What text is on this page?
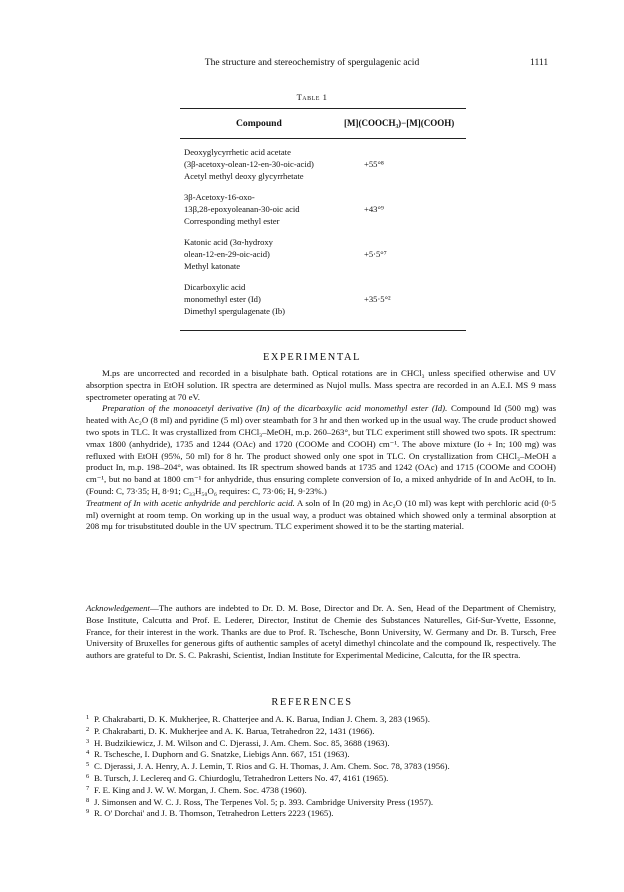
The structure and stereochemistry of spergulagenic acid	1111
Table 1
Compound	[M](COOCH₃)−[M](COOH)
Deoxyglycyrrhetic acid acetate
(3β-acetoxy-olean-12-en-30-oic-acid)
Acetyl methyl deoxy glycyrrhetate
+55°⁸
3β-Acetoxy-16-oxo-
13β,28-epoxyoleanan-30-oic acid
Corresponding methyl ester
+43°⁹
Katonic acid (3α-hydroxy
olean-12-en-29-oic-acid)
Methyl katonate
+5·5°⁷
Dicarboxylic acid
monomethyl ester (Id)
Dimethyl spergulagenate (Ib)
+35·5°²
EXPERIMENTAL

M.ps are uncorrected and recorded in a bisulphate bath. Optical rotations are in CHCl₃ unless specified otherwise and UV absorption spectra in EtOH solution. IR spectra are determined as Nujol mulls. Mass spectra are recorded in an A.E.I. MS 9 mass spectrometer operating at 70 eV.

Preparation of the monoacetyl derivative (In) of the dicarboxylic acid monomethyl ester (Id). Compound Id (500 mg) was heated with Ac₂O (8 ml) and pyridine (5 ml) over steambath for 3 hr and then worked up in the usual way. The crude product showed two spots in TLC. It was crystallized from CHCl₃–MeOH, m.p. 260–263°, but TLC experiment still showed two spots. IR spectrum: νmax 1800 (anhydride), 1735 and 1244 (OAc) and 1720 (COOMe and COOH) cm⁻¹. The above mixture (Io + In; 100 mg) was refluxed with EtOH (95%, 50 ml) for 8 hr. The product showed only one spot in TLC. On crystallization from CHCl₃–MeOH a product In, m.p. 198–204°, was obtained. Its IR spectrum showed bands at 1735 and 1242 (OAc) and 1715 (COOMe and COOH) cm⁻¹, but no band at 1800 cm⁻¹ for anhydride, thus ensuring complete conversion of Io, a mixed anhydride of In and AcOH, to In. (Found: C, 73·35; H, 8·91; C₃₃H₅₀O₆ requires: C, 73·06; H, 9·23%.)

Treatment of In with acetic anhydride and perchloric acid. A soln of In (20 mg) in Ac₂O (10 ml) was kept with perchloric acid (0·5 ml) overnight at room temp. On working up in the usual way, a product was obtained which showed only a terminal absorption at 208 mμ for trisubstituted double in the UV spectrum. TLC experiment showed it to be the starting material.

Acknowledgement—The authors are indebted to Dr. D. M. Bose, Director and Dr. A. Sen, Head of the Department of Chemistry, Bose Institute, Calcutta and Prof. E. Lederer, Director, Institut de Chemie des Substances Naturelles, Gif-Sur-Yvette, Essonne, France, for their interest in the work. Thanks are due to Prof. R. Tschesche, Bonn University, W. Germany and Dr. B. Tursch, Free University of Bruxelles for generous gifts of authentic samples of acetyl dimethyl chincolate and the compound Ik, respectively. The authors are grateful to Dr. S. C. Pakrashi, Scientist, Indian Institute for Experimental Medicine, Calcutta, for the IR spectra.

REFERENCES
1 P. Chakrabarti, D. K. Mukherjee, R. Chatterjee and A. K. Barua, Indian J. Chem. 3, 283 (1965).
2 P. Chakrabarti, D. K. Mukherjee and A. K. Barua, Tetrahedron 22, 1431 (1966).
3 H. Budzikiewicz, J. M. Wilson and C. Djerassi, J. Am. Chem. Soc. 85, 3688 (1963).
4 R. Tschesche, I. Duphorn and G. Snatzke, Liebigs Ann. 667, 151 (1963).
5 C. Djerassi, J. A. Henry, A. J. Lemin, T. Rios and G. H. Thomas, J. Am. Chem. Soc. 78, 3783 (1956).
6 B. Tursch, J. Leclereq and G. Chiurdoglu, Tetrahedron Letters No. 47, 4161 (1965).
7 F. E. King and J. W. W. Morgan, J. Chem. Soc. 4738 (1960).
8 J. Simonsen and W. C. J. Ross, The Terpenes Vol. 5; p. 393. Cambridge University Press (1957).
9 R. O' Dorchai' and J. B. Thomson, Tetrahedron Letters 2223 (1965).
